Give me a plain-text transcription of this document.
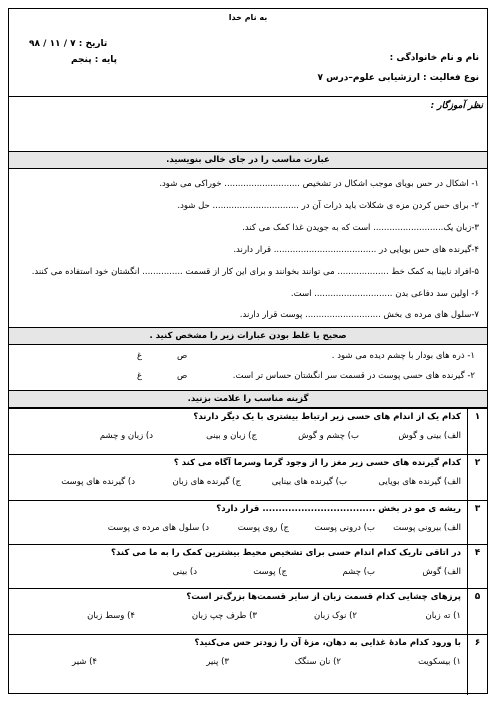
به نام خدا
نام و نام خانوادگی :
نوع فعالیت : ارزشیابی علوم–درس ۷
تاریخ : ۷ / ۱۱ / ۹۸
پایه : پنجم
نظر آموزگار :
عبارت مناسب را در جای خالی بنویسید.
۱- اشکال در حس بویای موجب اشکال در تشخیص ............................ خوراکی می شود.
۲- برای حس کردن مزه ی شکلات باید ذرات آن در ................................ حل شود.
۳-زبان یک.......................... است که به جویدن غذا کمک می کند.
۴-گیرنده های حس بویایی در ...................................... قرار دارند.
۵-افراد نابینا به کمک خط ................... می توانند بخوانند و برای این کار از قسمت ............... انگشتان خود استفاده می کنند.
۶- اولین سد دفاعی بدن ............................. است.
۷-سلول های مرده ی بخش ............................ پوست قرار دارند.
صحیح یا غلط بودن عبارات زیر را مشخص کنید .
۱- ذره های بودار با چشم دیده می شود .
ص
غ
۲- گیرنده های حسی پوست در قسمت سر انگشتان حساس تر است.
ص
غ
گزینه مناسب را علامت بزنید.
۱
کدام یک از اندام های حسی زیر ارتباط بیشتری با یک دیگر دارند؟
الف) بینی و گوش
ب) چشم و گوش
ج) زبان و بینی
د) زبان و چشم
۲
کدام گیرنده های حسی زیر مغز را از وجود گرما وسرما آگاه می کند ؟
الف) گیرنده های بویایی
ب) گیرنده های بینایی
ج) گیرنده های زبان
د) گیرنده های پوست
۳
ریشه ی مو در بخش ................................... قرار دارد؟
الف) بیرونی پوست
ب) درونی پوست
ج) روی پوست
د) سلول های مرده ی پوست
۴
در اتاقی تاریک کدام اندام حسی برای تشخیص محیط بیشترین کمک را به ما می کند؟
الف) گوش
ب) چشم
ج) پوست
د) بینی
۵
پرزهای چشایی کدام قسمت زبان از سایر قسمت‌ها بزرگ‌تر است؟
۱) ته زبان
۲) نوک زبان
۳) طرف چپ زبان
۴) وسط زبان
۶
با ورود کدام مادهٔ غذایی به دهان، مزهٔ آن را زودتر حس می‌کنید؟
۱) بیسکویت
۲) نان سنگک
۳) پنیر
۴) شیر
